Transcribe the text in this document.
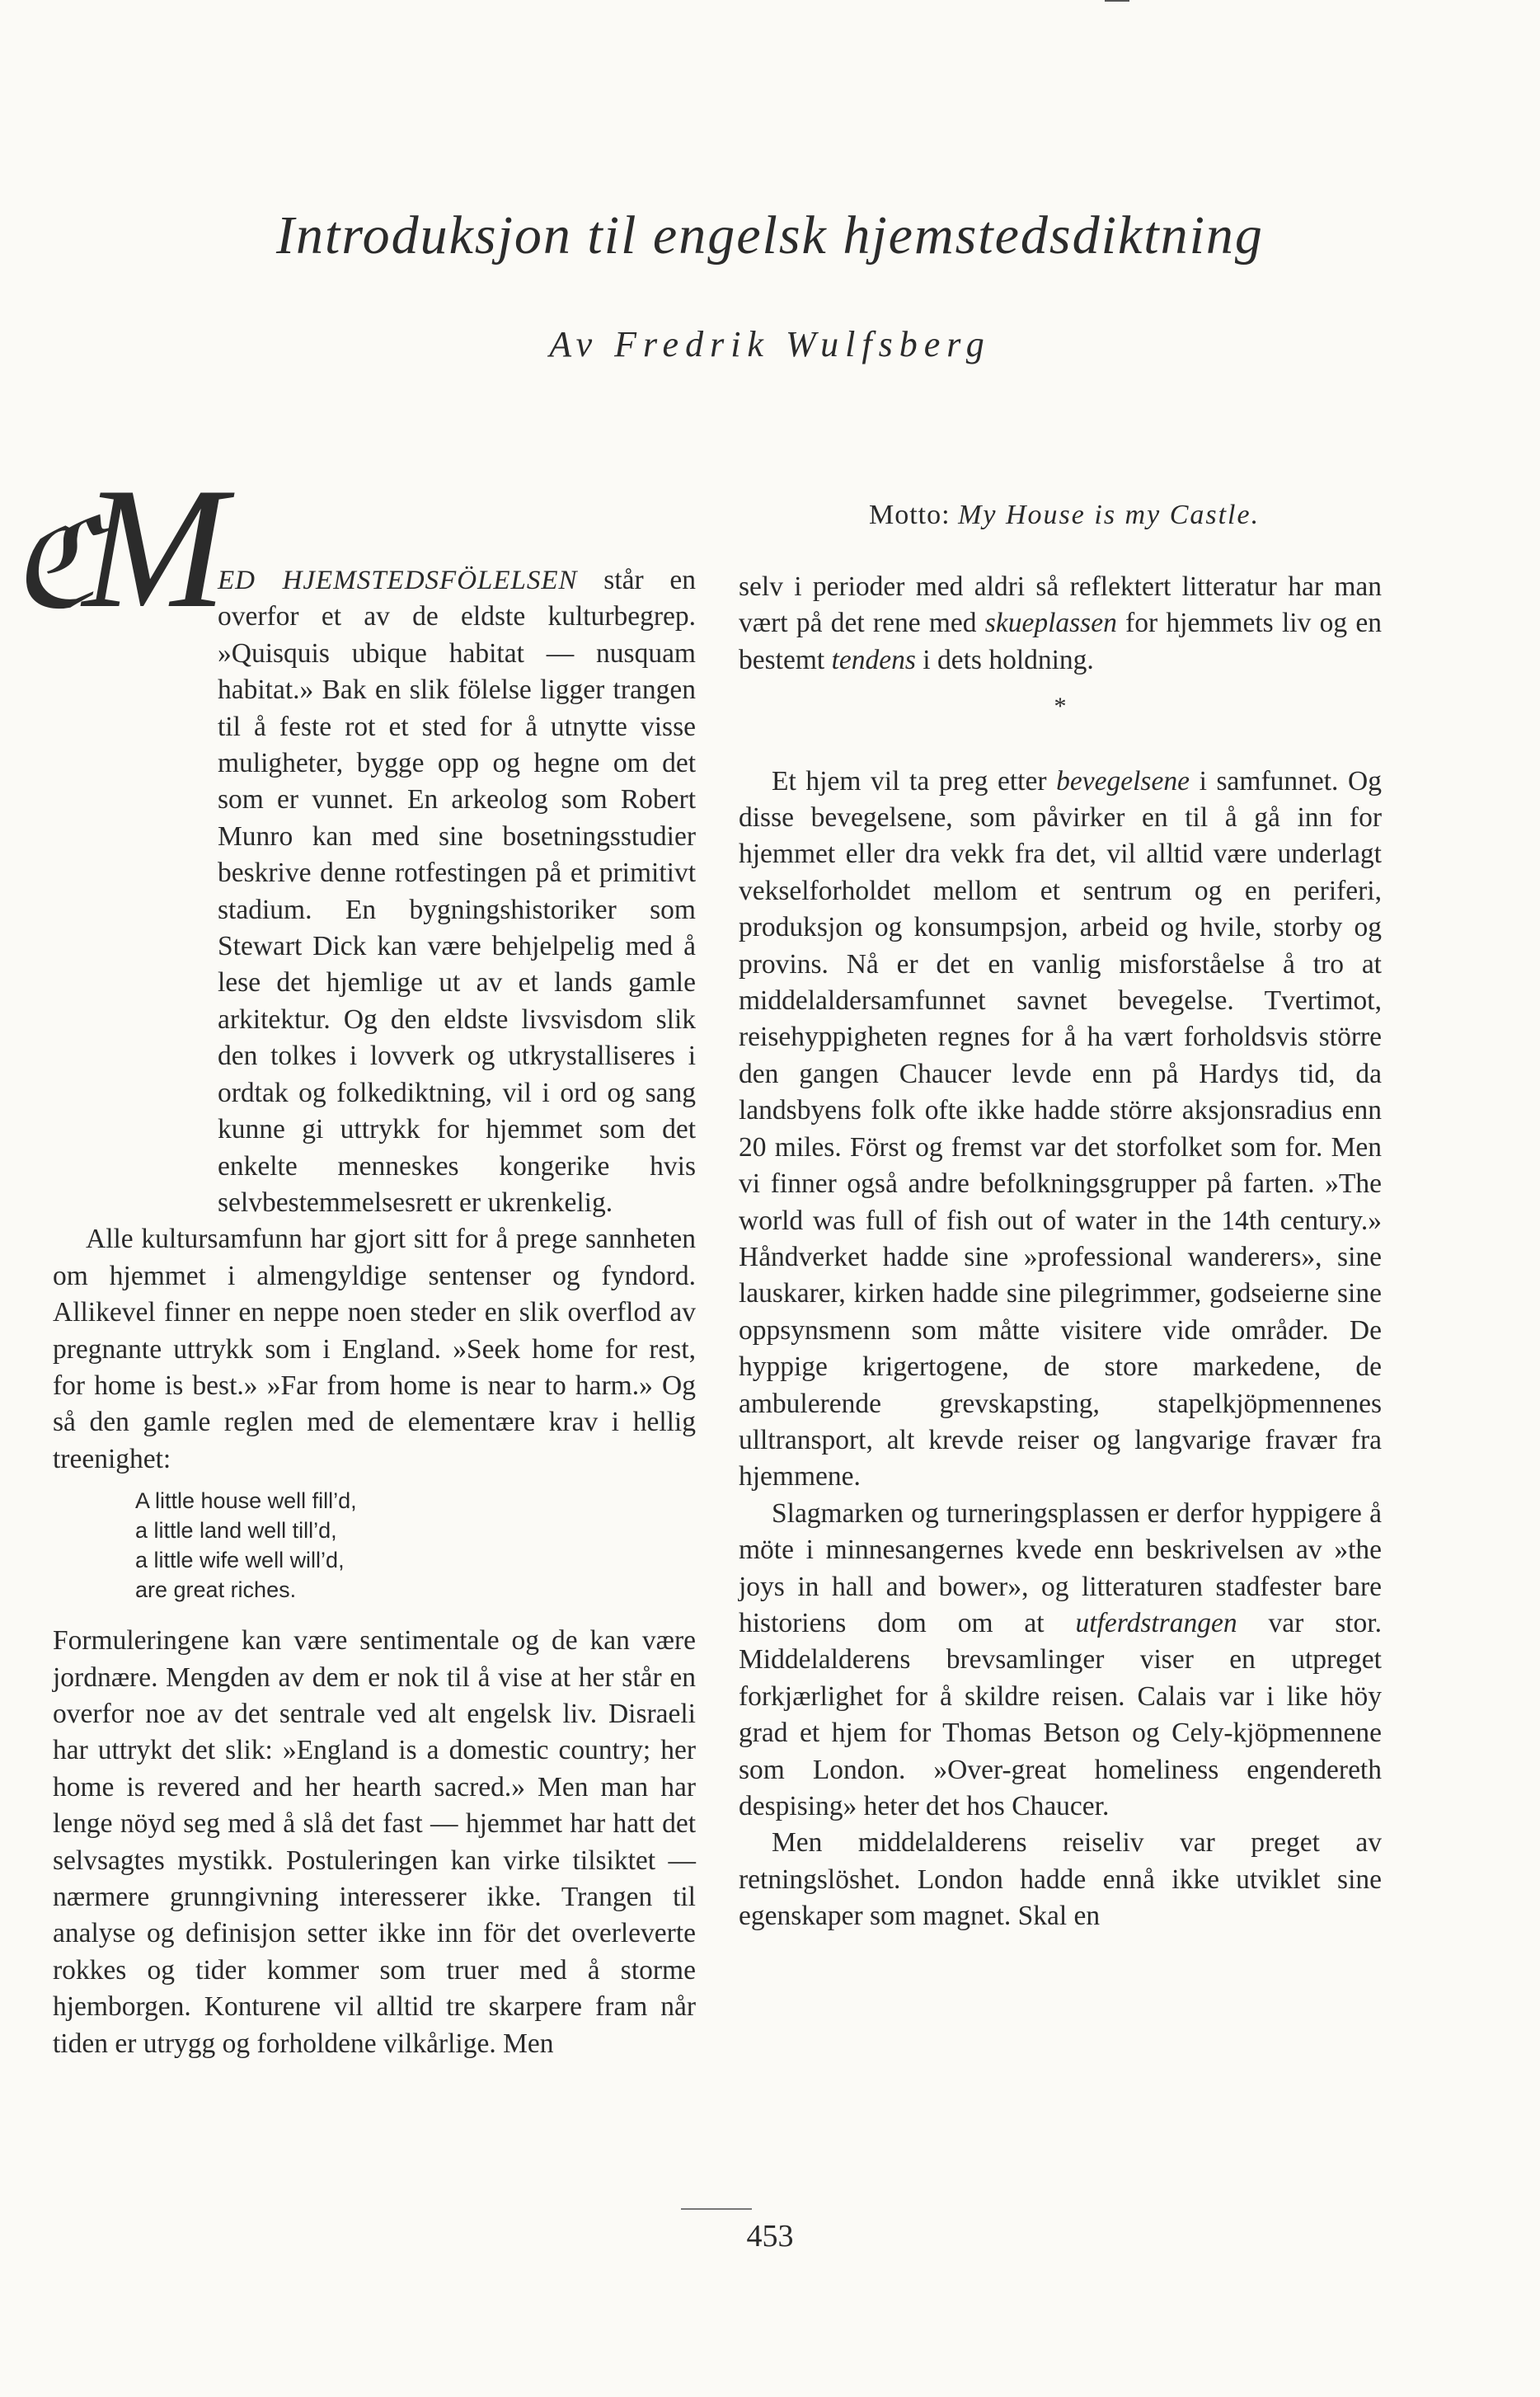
Introduksjon til engelsk hjemstedsdiktning
Av Fredrik Wulfsberg
ℭ
M	Motto: My House is my Castle.

ED HJEMSTEDSFÖLELSEN står en overfor et av de eldste kulturbegrep. »Quisquis ubique habitat — nusquam habitat.» Bak en slik fölelse ligger trangen til å feste rot et sted for å utnytte visse muligheter, bygge opp og hegne om det som er vunnet. En arkeolog som Robert Munro kan med sine bosetningsstudier beskrive denne rotfestingen på et primitivt stadium. En bygningshistoriker som Stewart Dick kan være behjelpelig med å lese det hjemlige ut av et lands gamle arkitektur. Og den eldste livsvisdom slik den tolkes i lovverk og utkrystalliseres i ordtak og folkediktning, vil i ord og sang kunne gi uttrykk for hjemmet som det enkelte menneskes kongerike hvis selvbestemmelsesrett er ukrenkelig.

Alle kultursamfunn har gjort sitt for å prege sannheten om hjemmet i almengyldige sentenser og fyndord. Allikevel finner en neppe noen steder en slik overflod av pregnante uttrykk som i England. »Seek home for rest, for home is best.» »Far from home is near to harm.» Og så den gamle reglen med de elementære krav i hellig treenighet:

A little house well fill’d,
a little land well till’d,
a little wife well will’d,
are great riches.

Formuleringene kan være sentimentale og de kan være jordnære. Mengden av dem er nok til å vise at her står en overfor noe av det sentrale ved alt engelsk liv. Disraeli har uttrykt det slik: »England is a domestic country; her home is revered and her hearth sacred.» Men man har lenge nöyd seg med å slå det fast — hjemmet har hatt det selvsagtes mystikk. Postuleringen kan virke tilsiktet — nærmere grunngivning interesserer ikke. Trangen til analyse og definisjon setter ikke inn för det overleverte rokkes og tider kommer som truer med å storme hjemborgen. Konturene vil alltid tre skarpere fram når tiden er utrygg og forholdene vilkårlige. Men

selv i perioder med aldri så reflektert litteratur har man vært på det rene med skueplassen for hjemmets liv og en bestemt tendens i dets holdning.

*

Et hjem vil ta preg etter bevegelsene i samfunnet. Og disse bevegelsene, som påvirker en til å gå inn for hjemmet eller dra vekk fra det, vil alltid være underlagt vekselforholdet mellom et sentrum og en periferi, produksjon og konsumpsjon, arbeid og hvile, storby og provins. Nå er det en vanlig misforståelse å tro at middelaldersamfunnet savnet bevegelse. Tvertimot, reisehyppigheten regnes for å ha vært forholdsvis större den gangen Chaucer levde enn på Hardys tid, da landsbyens folk ofte ikke hadde större aksjonsradius enn 20 miles. Först og fremst var det storfolket som for. Men vi finner også andre befolkningsgrupper på farten. »The world was full of fish out of water in the 14th century.» Håndverket hadde sine »professional wanderers», sine lauskarer, kirken hadde sine pilegrimmer, godseierne sine oppsynsmenn som måtte visitere vide områder. De hyppige krigertogene, de store markedene, de ambulerende grevskapsting, stapelkjöpmennenes ulltransport, alt krevde reiser og langvarige fravær fra hjemmene.

Slagmarken og turneringsplassen er derfor hyppigere å möte i minnesangernes kvede enn beskrivelsen av »the joys in hall and bower», og litteraturen stadfester bare historiens dom om at utferdstrangen var stor. Middelalderens brevsamlinger viser en utpreget forkjærlighet for å skildre reisen. Calais var i like höy grad et hjem for Thomas Betson og Cely-kjöpmennene som London. »Over-great homeliness engendereth despising» heter det hos Chaucer.

Men middelalderens reiseliv var preget av retningslöshet. London hadde ennå ikke utviklet sine egenskaper som magnet. Skal en

453
